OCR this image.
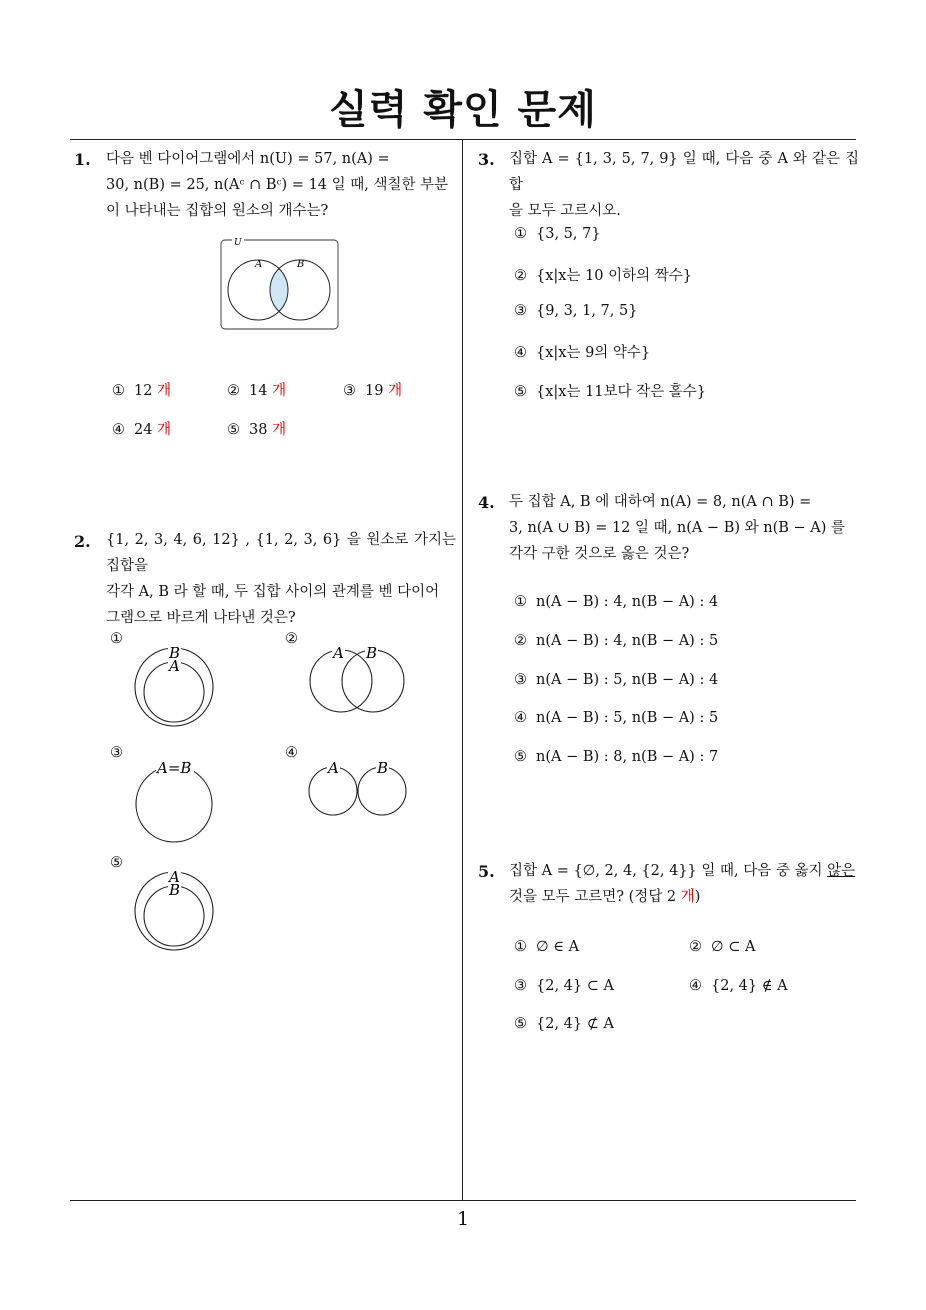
실력 확인 문제
1
1. 다음 벤 다이어그램에서 n(U) = 57, n(A) =
30, n(B) = 25, n(Aᶜ ∩ Bᶜ) = 14 일 때, 색칠한 부분
이 나타내는 집합의 원소의 개수는?
U
A	B
① 12 개	② 14 개	③ 19 개
④ 24 개	⑤ 38 개
2. {1, 2, 3, 4, 6, 12} , {1, 2, 3, 6} 을 원소로 가지는 집합을
각각 A, B 라 할 때, 두 집합 사이의 관계를 벤 다이어
그램으로 바르게 나타낸 것은?
①
B
A
②
A B
③
A=B
④
A	B
⑤
A
B
3. 집합 A = {1, 3, 5, 7, 9} 일 때, 다음 중 A 와 같은 집합
을 모두 고르시오.
① {3, 5, 7}
② {x|x는 10 이하의 짝수}
③ {9, 3, 1, 7, 5}
④ {x|x는 9의 약수}
⑤ {x|x는 11보다 작은 홀수}
4. 두 집합 A, B 에 대하여 n(A) = 8, n(A ∩ B) =
3, n(A ∪ B) = 12 일 때, n(A − B) 와 n(B − A) 를
각각 구한 것으로 옳은 것은?
① n(A − B) : 4, n(B − A) : 4
② n(A − B) : 4, n(B − A) : 5
③ n(A − B) : 5, n(B − A) : 4
④ n(A − B) : 5, n(B − A) : 5
⑤ n(A − B) : 8, n(B − A) : 7
5. 집합 A = {∅, 2, 4, {2, 4}} 일 때, 다음 중 옳지 않은
것을 모두 고르면? (정답 2 개)
① ∅ ∈ A	② ∅ ⊂ A
③ {2, 4} ⊂ A	④ {2, 4} ∉ A
⑤ {2, 4} ⊄ A
